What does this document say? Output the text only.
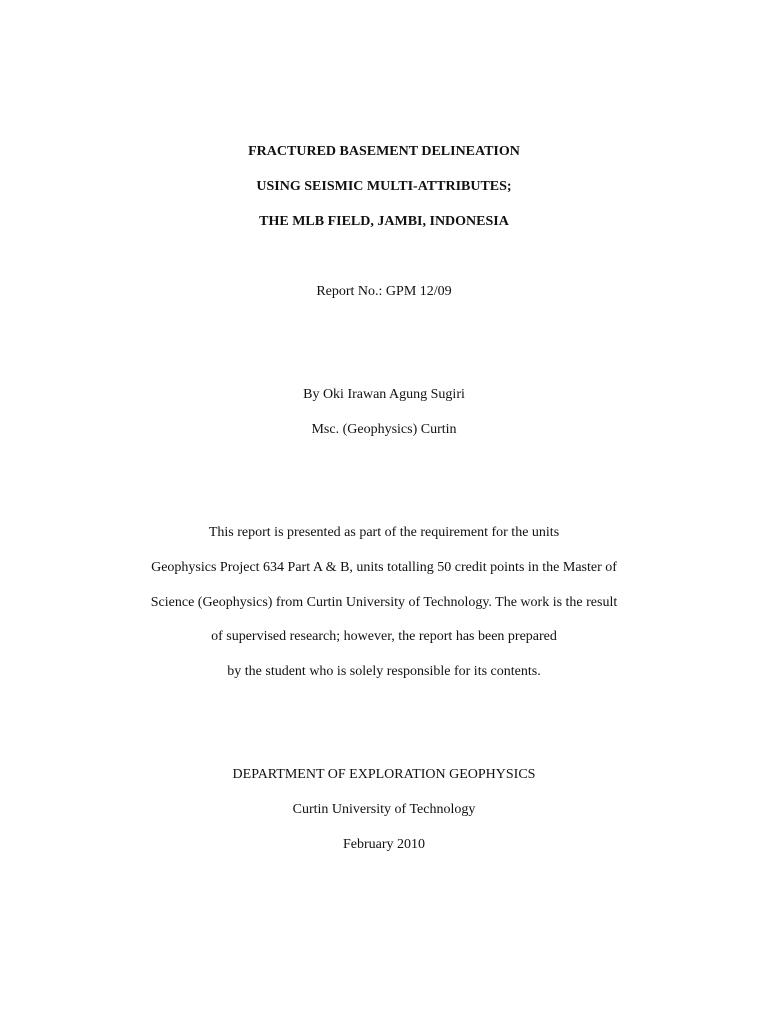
FRACTURED BASEMENT DELINEATION
USING SEISMIC MULTI-ATTRIBUTES;
THE MLB FIELD, JAMBI, INDONESIA
Report No.: GPM 12/09
By Oki Irawan Agung Sugiri
Msc. (Geophysics) Curtin
This report is presented as part of the requirement for the units
Geophysics Project 634 Part A & B, units totalling 50 credit points in the Master of
Science (Geophysics) from Curtin University of Technology. The work is the result
of supervised research; however, the report has been prepared
by the student who is solely responsible for its contents.
DEPARTMENT OF EXPLORATION GEOPHYSICS
Curtin University of Technology
February 2010
